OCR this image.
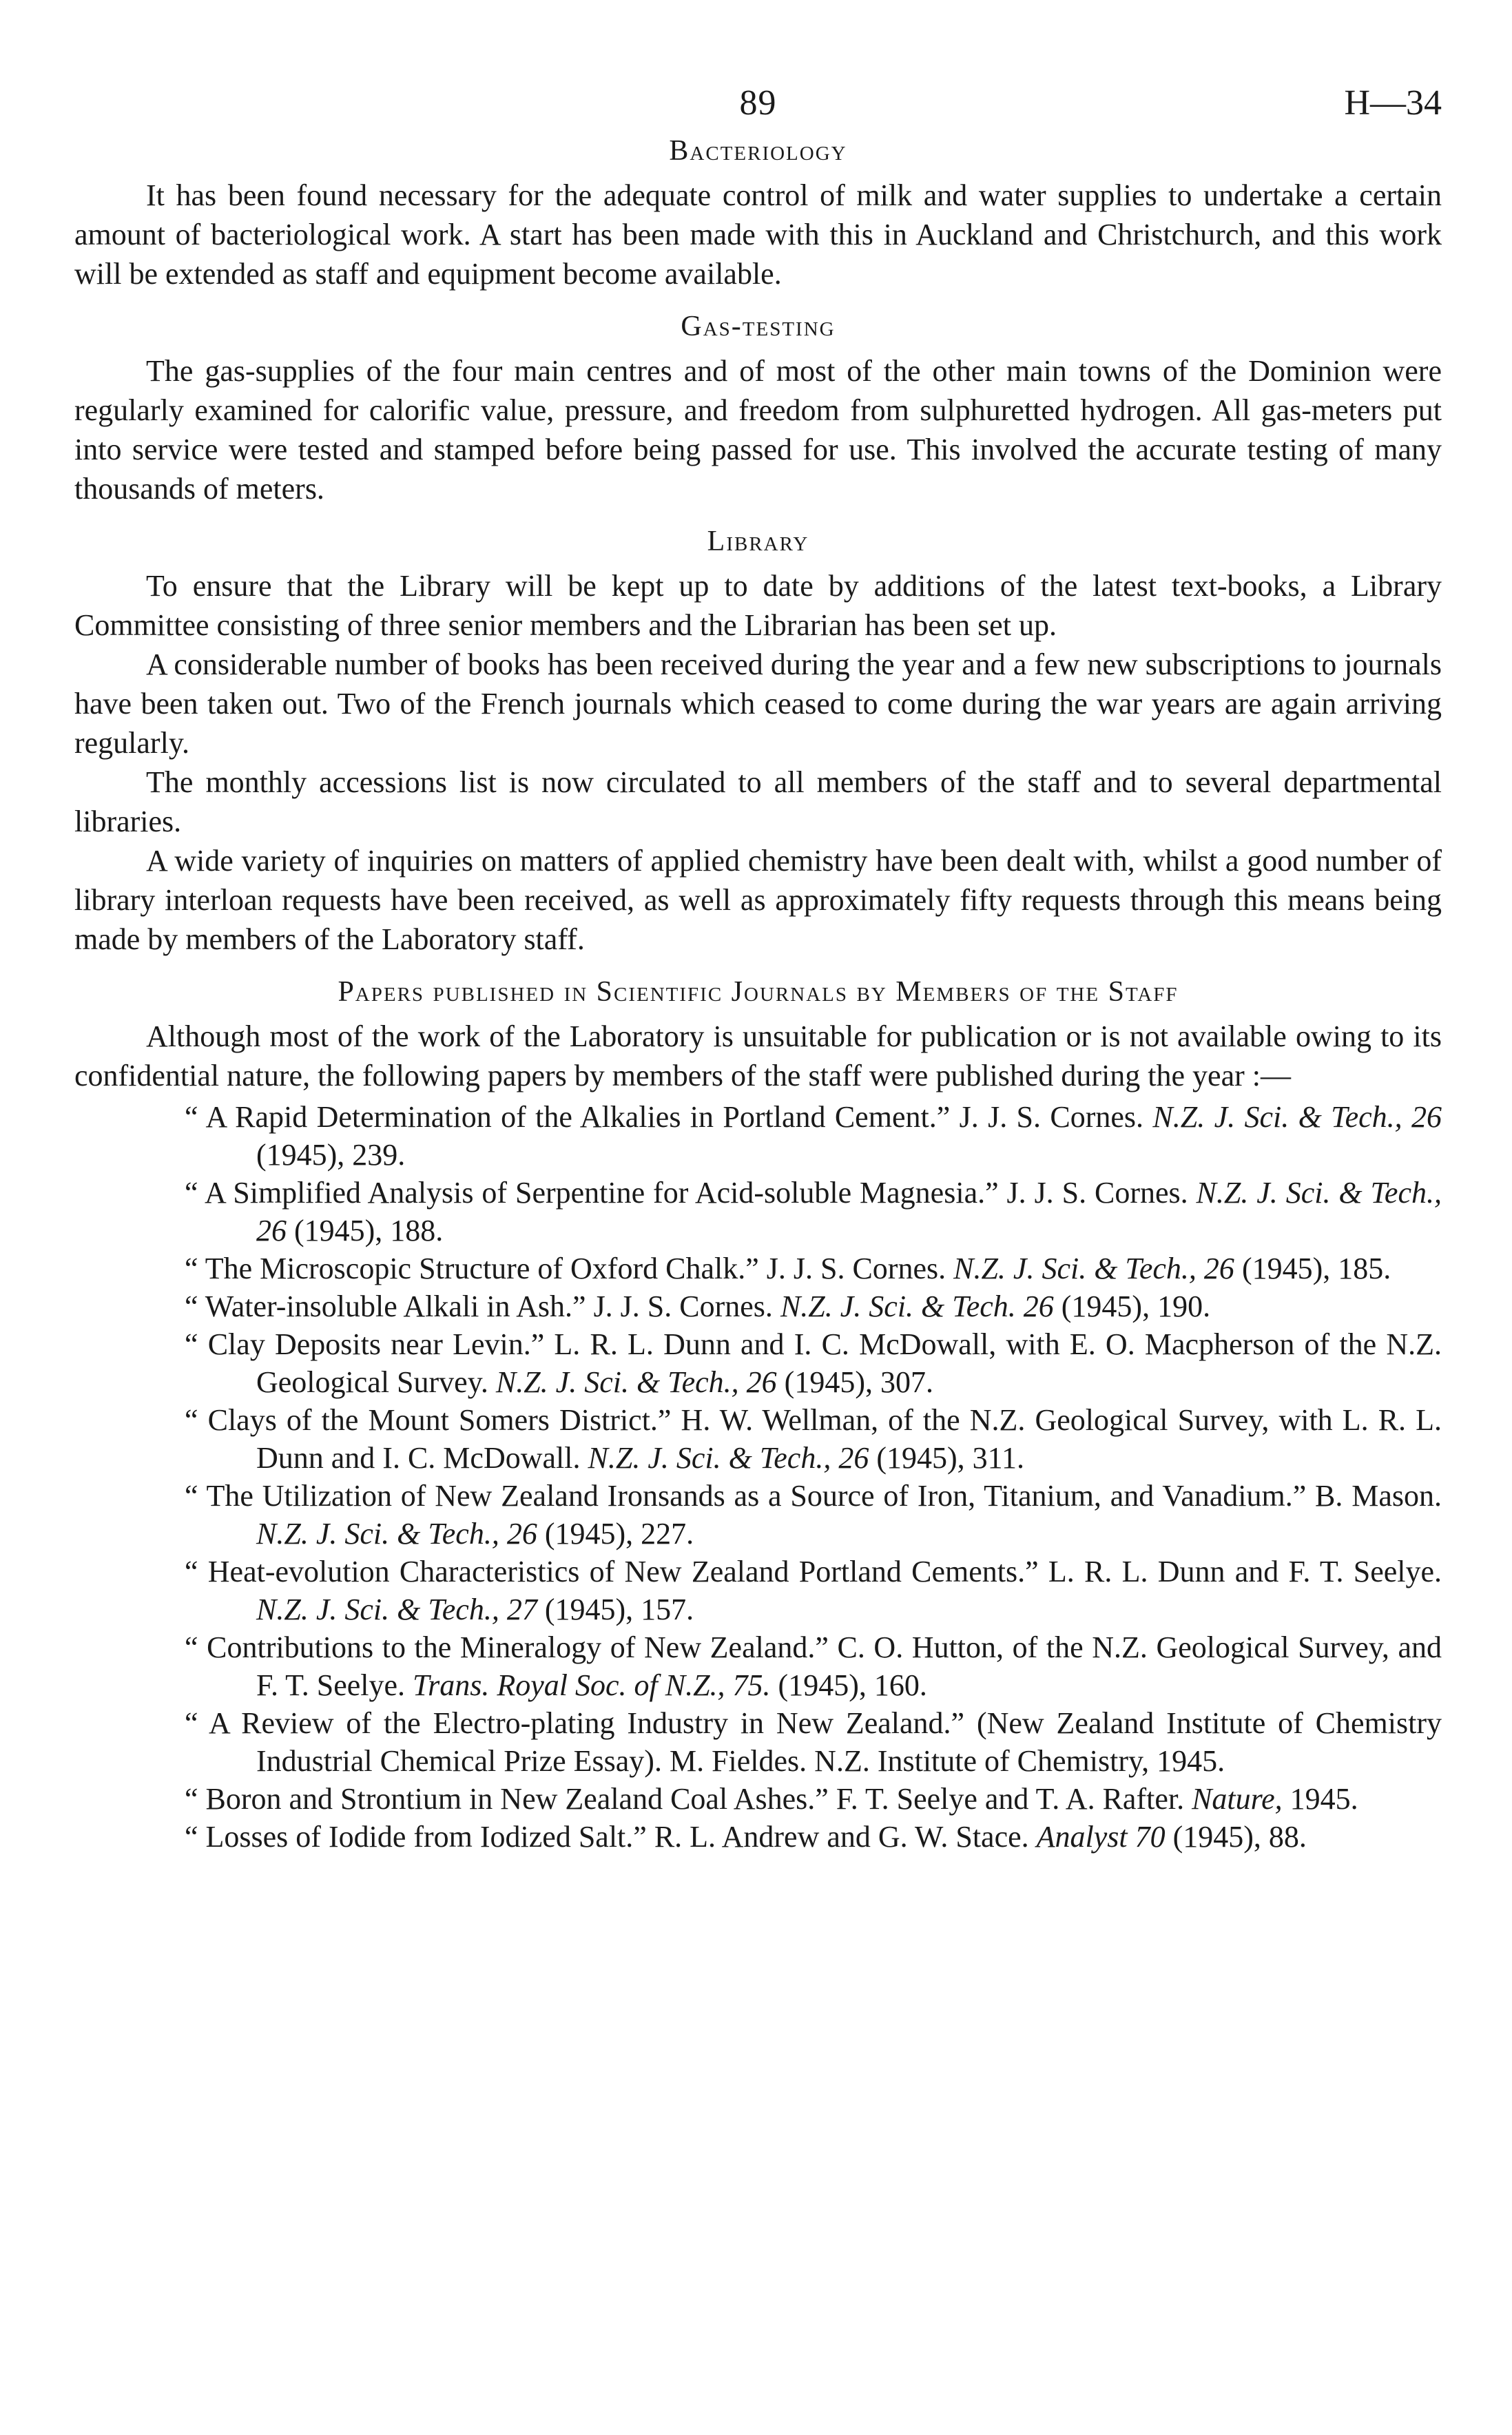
89	H—34
Bacteriology

It has been found necessary for the adequate control of milk and water supplies to undertake a certain amount of bacteriological work. A start has been made with this in Auckland and Christchurch, and this work will be extended as staff and equipment become available.

Gas-testing

The gas-supplies of the four main centres and of most of the other main towns of the Dominion were regularly examined for calorific value, pressure, and freedom from sulphuretted hydrogen. All gas-meters put into service were tested and stamped before being passed for use. This involved the accurate testing of many thousands of meters.

Library

To ensure that the Library will be kept up to date by additions of the latest text-books, a Library Committee consisting of three senior members and the Librarian has been set up.

A considerable number of books has been received during the year and a few new subscriptions to journals have been taken out. Two of the French journals which ceased to come during the war years are again arriving regularly.

The monthly accessions list is now circulated to all members of the staff and to several departmental libraries.

A wide variety of inquiries on matters of applied chemistry have been dealt with, whilst a good number of library interloan requests have been received, as well as approximately fifty requests through this means being made by members of the Laboratory staff.

Papers published in Scientific Journals by Members of the Staff

Although most of the work of the Laboratory is unsuitable for publication or is not available owing to its confidential nature, the following papers by members of the staff were published during the year :—

“ A Rapid Determination of the Alkalies in Portland Cement.” J. J. S. Cornes. N.Z. J. Sci. & Tech., 26 (1945), 239.

“ A Simplified Analysis of Serpentine for Acid-soluble Magnesia.” J. J. S. Cornes. N.Z. J. Sci. & Tech., 26 (1945), 188.

“ The Microscopic Structure of Oxford Chalk.” J. J. S. Cornes. N.Z. J. Sci. & Tech., 26 (1945), 185.

“ Water-insoluble Alkali in Ash.” J. J. S. Cornes. N.Z. J. Sci. & Tech. 26 (1945), 190.

“ Clay Deposits near Levin.” L. R. L. Dunn and I. C. McDowall, with E. O. Macpherson of the N.Z. Geological Survey. N.Z. J. Sci. & Tech., 26 (1945), 307.

“ Clays of the Mount Somers District.” H. W. Wellman, of the N.Z. Geological Survey, with L. R. L. Dunn and I. C. McDowall. N.Z. J. Sci. & Tech., 26 (1945), 311.

“ The Utilization of New Zealand Ironsands as a Source of Iron, Titanium, and Vanadium.” B. Mason. N.Z. J. Sci. & Tech., 26 (1945), 227.

“ Heat-evolution Characteristics of New Zealand Portland Cements.” L. R. L. Dunn and F. T. Seelye. N.Z. J. Sci. & Tech., 27 (1945), 157.

“ Contributions to the Mineralogy of New Zealand.” C. O. Hutton, of the N.Z. Geological Survey, and F. T. Seelye. Trans. Royal Soc. of N.Z., 75. (1945), 160.

“ A Review of the Electro-plating Industry in New Zealand.” (New Zealand Institute of Chemistry Industrial Chemical Prize Essay). M. Fieldes. N.Z. Institute of Chemistry, 1945.

“ Boron and Strontium in New Zealand Coal Ashes.” F. T. Seelye and T. A. Rafter. Nature, 1945.

“ Losses of Iodide from Iodized Salt.” R. L. Andrew and G. W. Stace. Analyst 70 (1945), 88.
